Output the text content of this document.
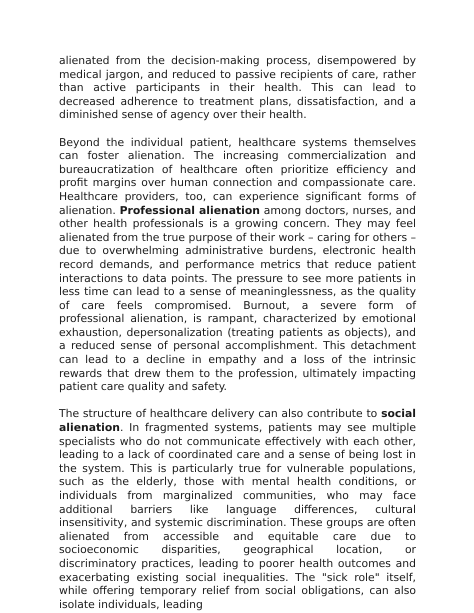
alienated from the decision-making process, disempowered by medical jargon, and reduced to passive recipients of care, rather than active participants in their health. This can lead to decreased adherence to treatment plans, dissatisfaction, and a diminished sense of agency over their health.

Beyond the individual patient, healthcare systems themselves can foster alienation. The increasing commercialization and bureaucratization of healthcare often prioritize efficiency and profit margins over human connection and compassionate care. Healthcare providers, too, can experience significant forms of alienation. Professional alienation among doctors, nurses, and other health professionals is a growing concern. They may feel alienated from the true purpose of their work – caring for others – due to overwhelming administrative burdens, electronic health record demands, and performance metrics that reduce patient interactions to data points. The pressure to see more patients in less time can lead to a sense of meaninglessness, as the quality of care feels compromised. Burnout, a severe form of professional alienation, is rampant, characterized by emotional exhaustion, depersonalization (treating patients as objects), and a reduced sense of personal accomplishment. This detachment can lead to a decline in empathy and a loss of the intrinsic rewards that drew them to the profession, ultimately impacting patient care quality and safety.

The structure of healthcare delivery can also contribute to social alienation. In fragmented systems, patients may see multiple specialists who do not communicate effectively with each other, leading to a lack of coordinated care and a sense of being lost in the system. This is particularly true for vulnerable populations, such as the elderly, those with mental health conditions, or individuals from marginalized communities, who may face additional barriers like language differences, cultural insensitivity, and systemic discrimination. These groups are often alienated from accessible and equitable care due to socioeconomic disparities, geographical location, or discriminatory practices, leading to poorer health outcomes and exacerbating existing social inequalities. The "sick role" itself, while offering temporary relief from social obligations, can also isolate individuals, leading
